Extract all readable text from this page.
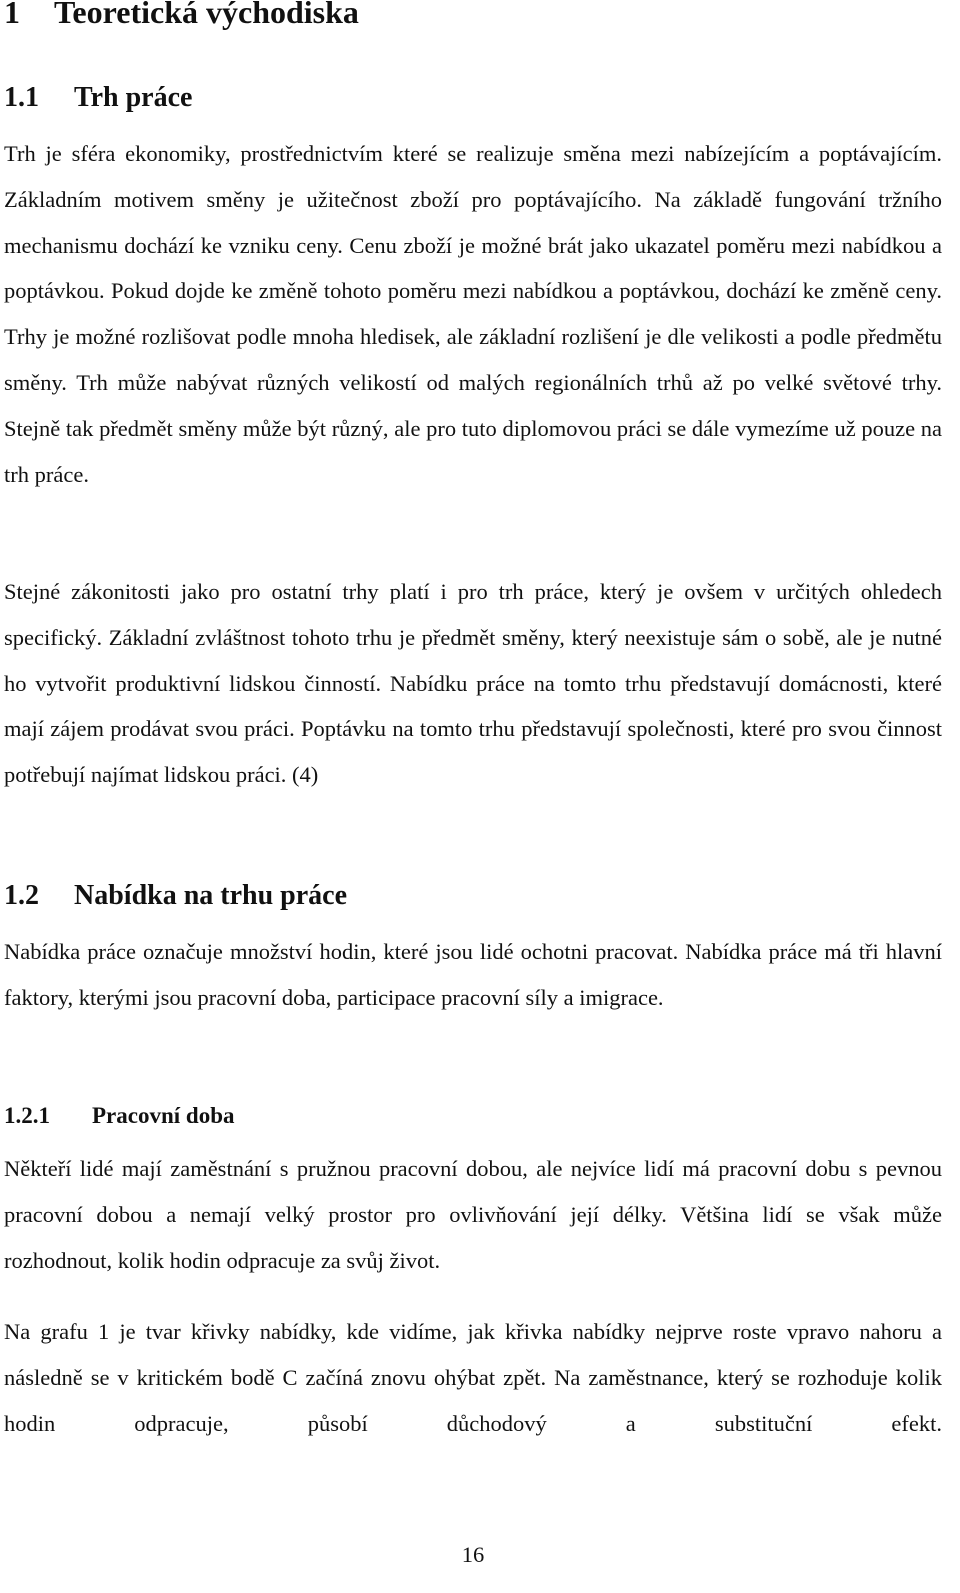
1 Teoretická východiska
1.1 Trh práce

Trh je sféra ekonomiky, prostřednictvím které se realizuje směna mezi nabízejícím a poptávajícím. Základním motivem směny je užitečnost zboží pro poptávajícího. Na základě fungování tržního mechanismu dochází ke vzniku ceny. Cenu zboží je možné brát jako ukazatel poměru mezi nabídkou a poptávkou. Pokud dojde ke změně tohoto poměru mezi nabídkou a poptávkou, dochází ke změně ceny. Trhy je možné rozlišovat podle mnoha hledisek, ale základní rozlišení je dle velikosti a podle předmětu směny. Trh může nabývat různých velikostí od malých regionálních trhů až po velké světové trhy. Stejně tak předmět směny může být různý, ale pro tuto diplomovou práci se dále vymezíme už pouze na trh práce.

Stejné zákonitosti jako pro ostatní trhy platí i pro trh práce, který je ovšem v určitých ohledech specifický. Základní zvláštnost tohoto trhu je předmět směny, který neexistuje sám o sobě, ale je nutné ho vytvořit produktivní lidskou činností. Nabídku práce na tomto trhu představují domácnosti, které mají zájem prodávat svou práci. Poptávku na tomto trhu představují společnosti, které pro svou činnost potřebují najímat lidskou práci. (4)

1.2 Nabídka na trhu práce

Nabídka práce označuje množství hodin, které jsou lidé ochotni pracovat. Nabídka práce má tři hlavní faktory, kterými jsou pracovní doba, participace pracovní síly a imigrace.

1.2.1 Pracovní doba

Někteří lidé mají zaměstnání s pružnou pracovní dobou, ale nejvíce lidí má pracovní dobu s pevnou pracovní dobou a nemají velký prostor pro ovlivňování její délky. Většina lidí se však může rozhodnout, kolik hodin odpracuje za svůj život.

Na grafu 1 je tvar křivky nabídky, kde vidíme, jak křivka nabídky nejprve roste vpravo nahoru a následně se v kritickém bodě C začíná znovu ohýbat zpět. Na zaměstnance, který se rozhoduje kolik hodin odpracuje, působí důchodový a substituční efekt.

16
